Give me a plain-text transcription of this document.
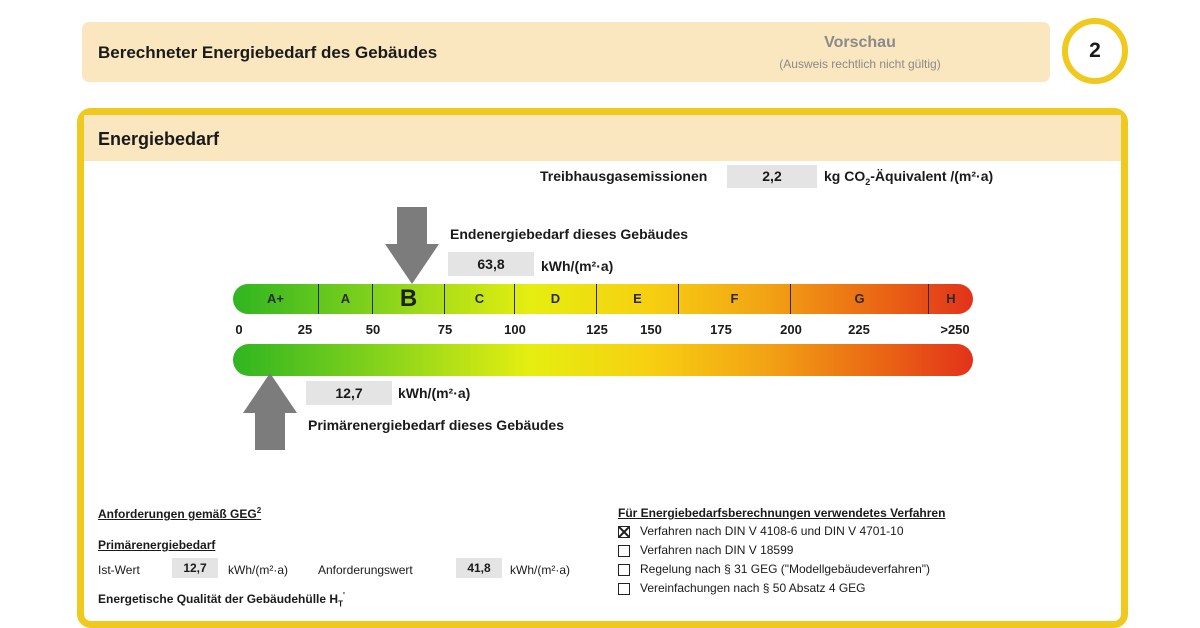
Berechneter Energiebedarf des Gebäudes
Vorschau
(Ausweis rechtlich nicht gültig)
2
Energiebedarf
Treibhausgasemissionen	2,2	kg $CO_2$-Äquivalent /(m²·a)
Endenergiebedarf dieses Gebäudes
63,8	kWh/(m²·a)
A+	A	B	C	D	E	F	G	H
0	25	50	75	100	125 150	175	200	225	>250
12,7	kWh/(m²·a)
Primärenergiebedarf dieses Gebäudes
Anforderungen gemäß GEG$^2$
Primärenergiebedarf
Ist-Wert	12,7	kWh/(m²·a)	Anforderungswert	41,8	kWh/(m²·a)
Energetische Qualität der Gebäudehülle $H_T'$
Für Energiebedarfsberechnungen verwendetes Verfahren
Verfahren nach DIN V 4108-6 und DIN V 4701-10
Verfahren nach DIN V 18599
Regelung nach § 31 GEG ("Modellgebäudeverfahren")
Vereinfachungen nach § 50 Absatz 4 GEG
